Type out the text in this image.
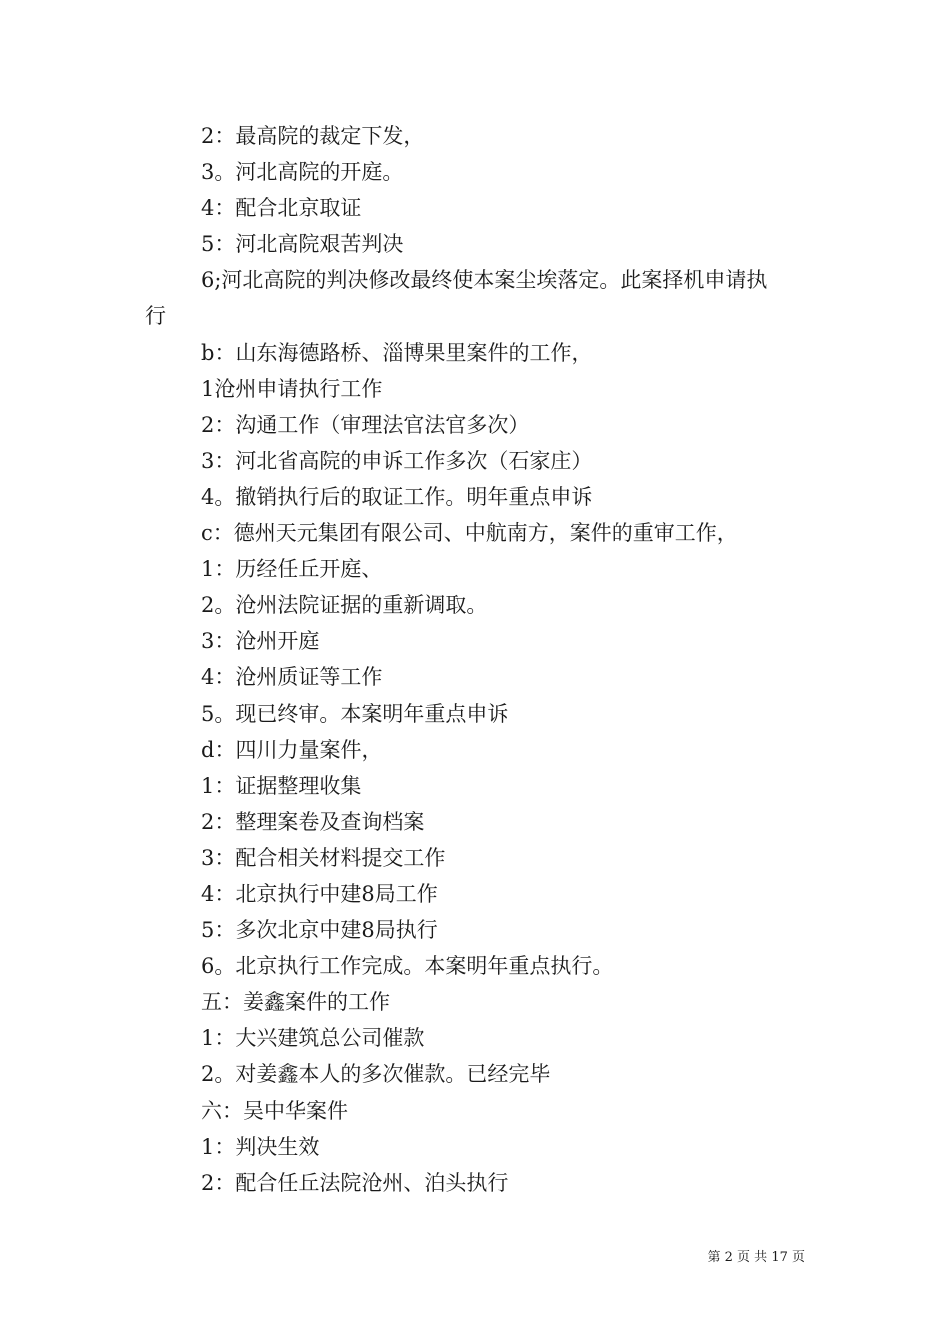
2：最高院的裁定下发，
3。河北高院的开庭。
4：配合北京取证
5：河北高院艰苦判决
6;河北高院的判决修改最终使本案尘埃落定。此案择机申请执
行
b：山东海德路桥、淄博果里案件的工作，
1沧州申请执行工作
2：沟通工作（审理法官法官多次）
3：河北省高院的申诉工作多次（石家庄）
4。撤销执行后的取证工作。明年重点申诉
c：德州天元集团有限公司、中航南方，案件的重审工作，
1：历经任丘开庭、
2。沧州法院证据的重新调取。
3：沧州开庭
4：沧州质证等工作
5。现已终审。本案明年重点申诉
d：四川力量案件，
1：证据整理收集
2：整理案卷及查询档案
3：配合相关材料提交工作
4：北京执行中建8局工作
5：多次北京中建8局执行
6。北京执行工作完成。本案明年重点执行。
五：姜鑫案件的工作
1：大兴建筑总公司催款
2。对姜鑫本人的多次催款。已经完毕
六：吴中华案件
1：判决生效
2：配合任丘法院沧州、泊头执行
第 2 页 共 17 页
